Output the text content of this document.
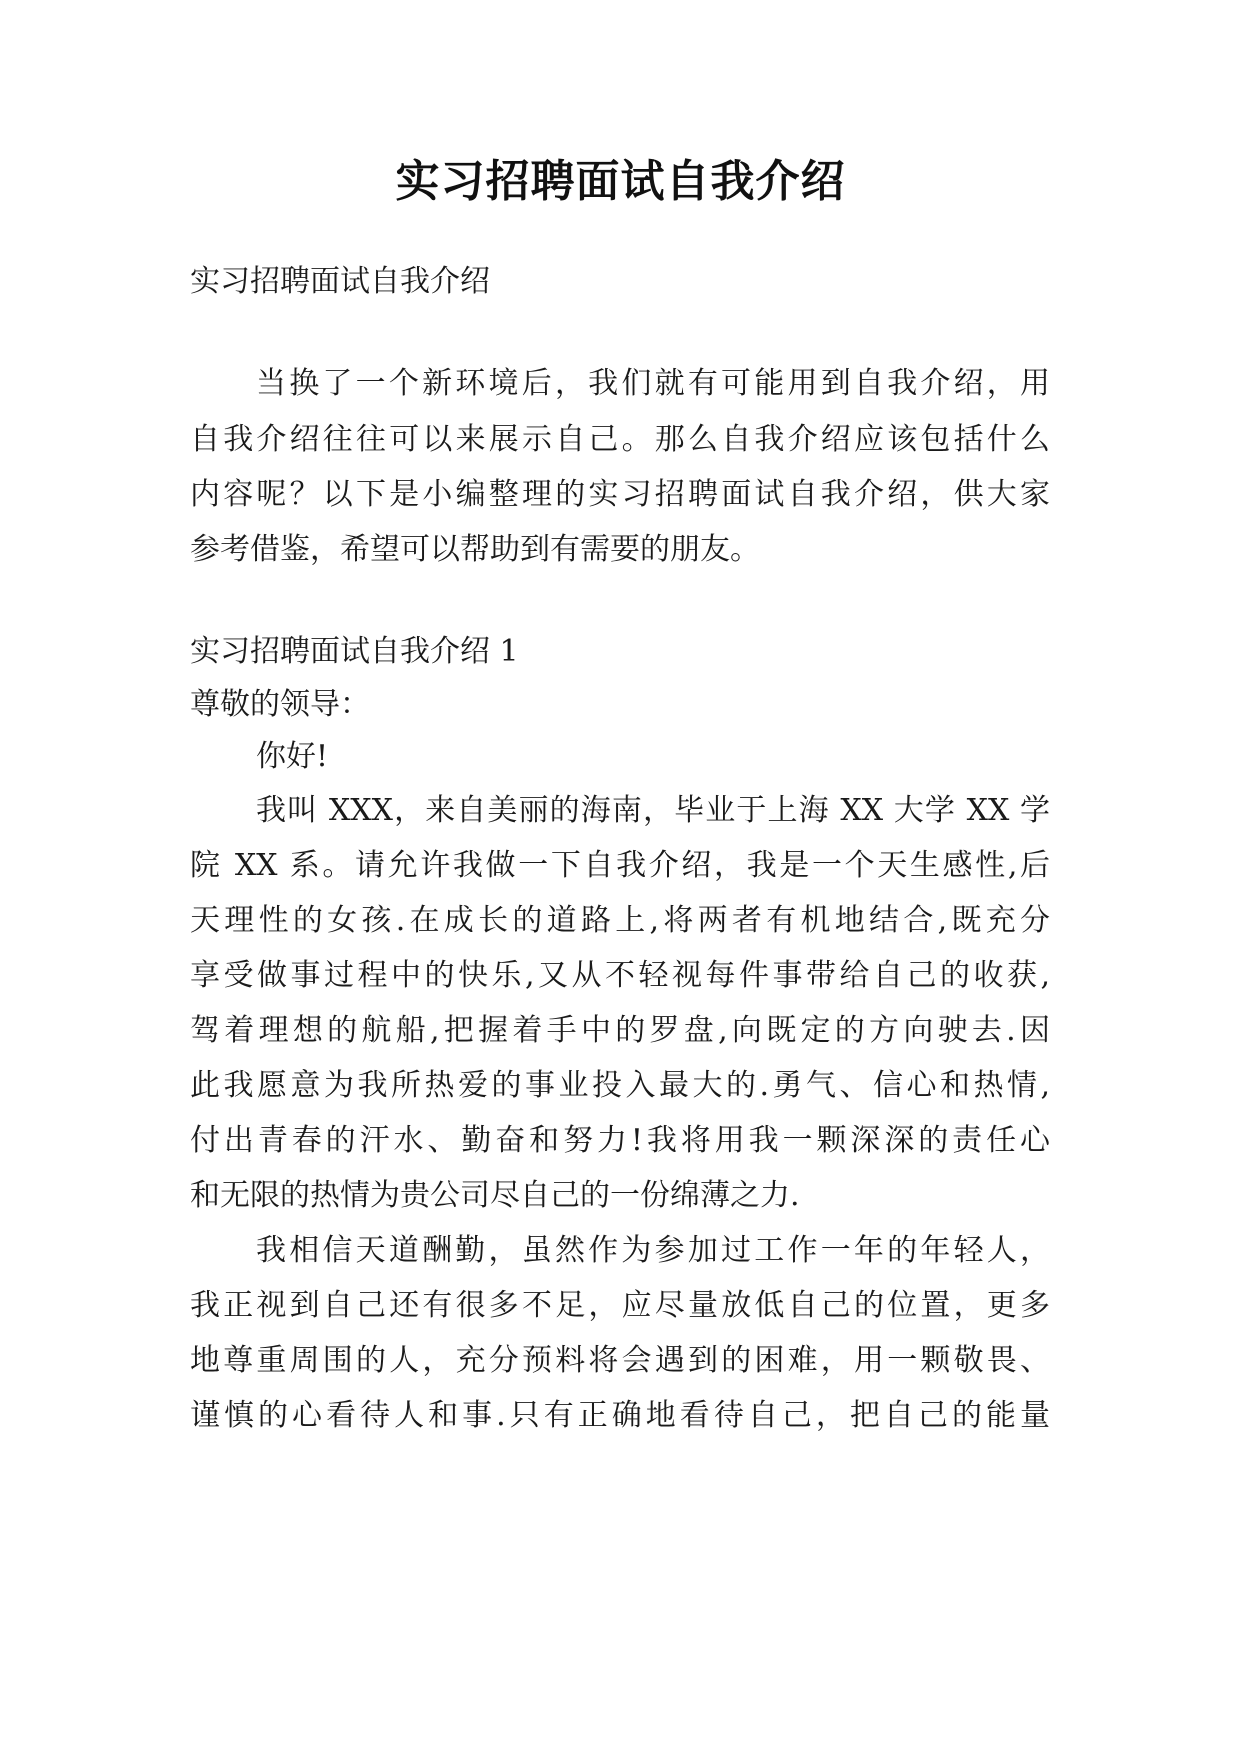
实习招聘面试自我介绍
实习招聘面试自我介绍
当换了一个新环境后，我们就有可能用到自我介绍，用
自我介绍往往可以来展示自己。那么自我介绍应该包括什么
内容呢？以下是小编整理的实习招聘面试自我介绍，供大家
参考借鉴，希望可以帮助到有需要的朋友。
实习招聘面试自我介绍 1
尊敬的领导：
你好!
我叫 XXX，来自美丽的海南，毕业于上海 XX 大学 XX 学
院 XX 系。请允许我做一下自我介绍，我是一个天生感性,后
天理性的女孩.在成长的道路上,将两者有机地结合,既充分
享受做事过程中的快乐,又从不轻视每件事带给自己的收获,
驾着理想的航船,把握着手中的罗盘,向既定的方向驶去.因
此我愿意为我所热爱的事业投入最大的.勇气、信心和热情,
付出青春的汗水、勤奋和努力!我将用我一颗深深的责任心
和无限的热情为贵公司尽自己的一份绵薄之力.
我相信天道酬勤，虽然作为参加过工作一年的年轻人，
我正视到自己还有很多不足，应尽量放低自己的位置，更多
地尊重周围的人，充分预料将会遇到的困难，用一颗敬畏、
谨慎的心看待人和事.只有正确地看待自己，把自己的能量
